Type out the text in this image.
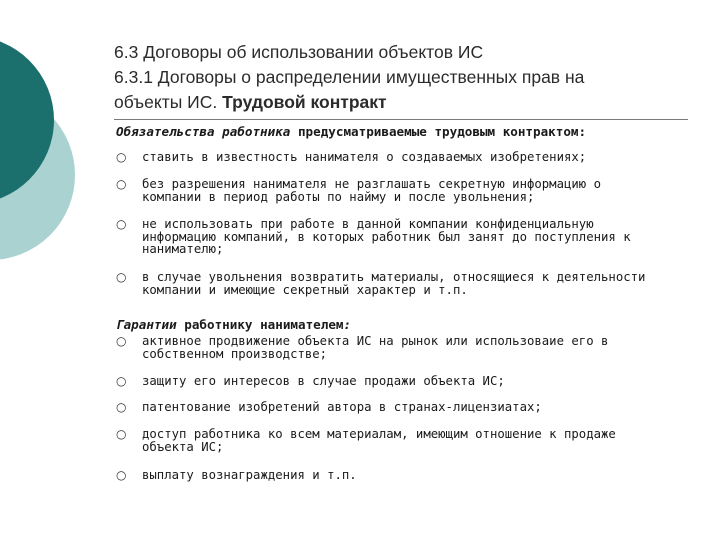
6.3 Договоры об использовании объектов ИС
6.3.1 Договоры о распределении имущественных прав на
объекты ИС. Трудовой контракт
Обязательства работника предусматриваемые трудовым контрактом:
○ ставить в известность нанимателя о создаваемых изобретениях;
○ без разрешения нанимателя не разглашать секретную информацию о
компании в период работы по найму и после увольнения;
○ не использовать при работе в данной компании конфиденциальную
информацию компаний, в которых работник был занят до поступления к
нанимателю;
○ в случае увольнения возвратить материалы, относящиеся к деятельности
компании и имеющие секретный характер и т.п.
Гарантии работнику нанимателем:
○ активное продвижение объекта ИС на рынок или использоваие его в
собственном производстве;
○ защиту его интересов в случае продажи объекта ИС;
○ патентование изобретений автора в странах-лицензиатах;
○ доступ работника ко всем материалам, имеющим отношение к продаже
объекта ИС;
○ выплату вознаграждения и т.п.
